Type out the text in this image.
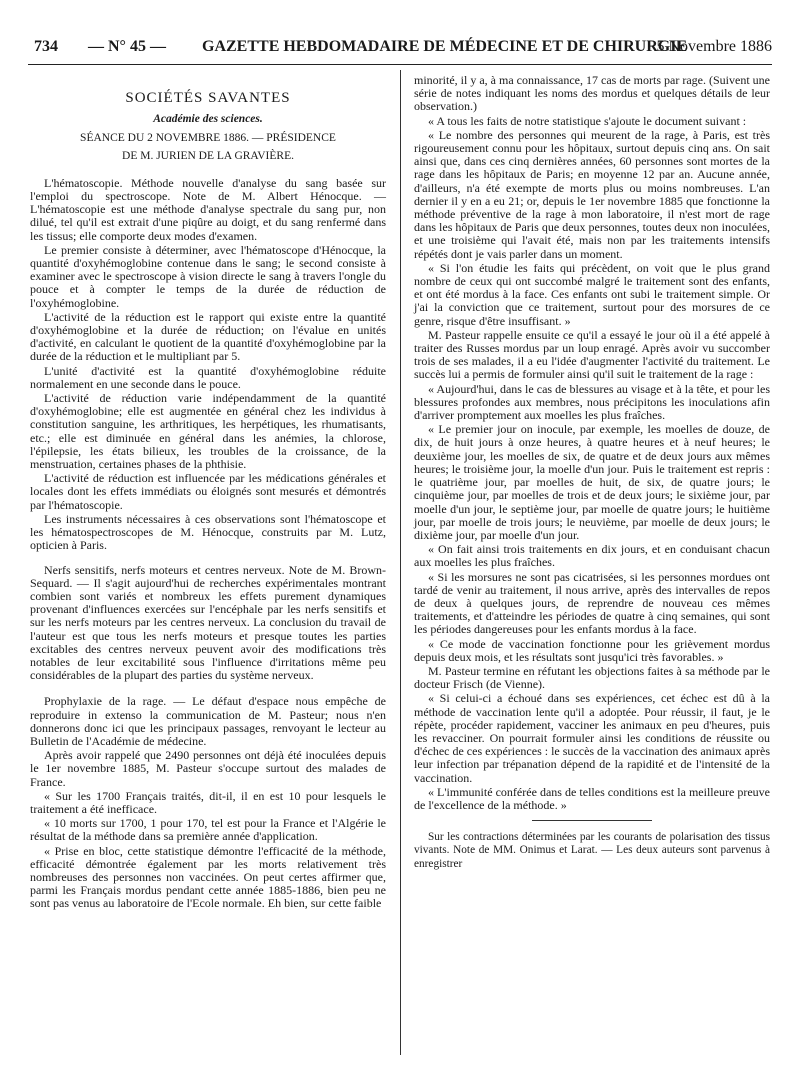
734 — N° 45 — GAZETTE HEBDOMADAIRE DE MÉDECINE ET DE CHIRURGIE
5 Novembre 1886
SOCIÉTÉS SAVANTES
Académie des sciences.
SÉANCE DU 2 NOVEMBRE 1886. — PRÉSIDENCE
DE M. JURIEN DE LA GRAVIÈRE.

L'hématoscopie. Méthode nouvelle d'analyse du sang basée sur l'emploi du spectroscope. Note de M. Albert Hénocque. — L'hématoscopie est une méthode d'analyse spectrale du sang pur, non dilué, tel qu'il est extrait d'une piqûre au doigt, et du sang renfermé dans les tissus; elle comporte deux modes d'examen.

Le premier consiste à déterminer, avec l'hématoscope d'Hénocque, la quantité d'oxyhémoglobine contenue dans le sang; le second consiste à examiner avec le spectroscope à vision directe le sang à travers l'ongle du pouce et à compter le temps de la durée de réduction de l'oxyhémoglobine.

L'activité de la réduction est le rapport qui existe entre la quantité d'oxyhémoglobine et la durée de réduction; on l'évalue en unités d'activité, en calculant le quotient de la quantité d'oxyhémoglobine par la durée de la réduction et le multipliant par 5.

L'unité d'activité est la quantité d'oxyhémoglobine réduite normalement en une seconde dans le pouce.

L'activité de réduction varie indépendamment de la quantité d'oxyhémoglobine; elle est augmentée en général chez les individus à constitution sanguine, les arthritiques, les herpétiques, les rhumatisants, etc.; elle est diminuée en général dans les anémies, la chlorose, l'épilepsie, les états bilieux, les troubles de la croissance, de la menstruation, certaines phases de la phthisie.

L'activité de réduction est influencée par les médications générales et locales dont les effets immédiats ou éloignés sont mesurés et démontrés par l'hématoscopie.

Les instruments nécessaires à ces observations sont l'hématoscope et les hématospectroscopes de M. Hénocque, construits par M. Lutz, opticien à Paris.

Nerfs sensitifs, nerfs moteurs et centres nerveux. Note de M. Brown-Sequard. — Il s'agit aujourd'hui de recherches expérimentales montrant combien sont variés et nombreux les effets purement dynamiques provenant d'influences exercées sur l'encéphale par les nerfs sensitifs et sur les nerfs moteurs par les centres nerveux. La conclusion du travail de l'auteur est que tous les nerfs moteurs et presque toutes les parties excitables des centres nerveux peuvent avoir des modifications très notables de leur excitabilité sous l'influence d'irritations même peu considérables de la plupart des parties du système nerveux.

Prophylaxie de la rage. — Le défaut d'espace nous empêche de reproduire in extenso la communication de M. Pasteur; nous n'en donnerons donc ici que les principaux passages, renvoyant le lecteur au Bulletin de l'Académie de médecine.

Après avoir rappelé que 2490 personnes ont déjà été inoculées depuis le 1er novembre 1885, M. Pasteur s'occupe surtout des malades de France.

« Sur les 1700 Français traités, dit-il, il en est 10 pour lesquels le traitement a été inefficace.

« 10 morts sur 1700, 1 pour 170, tel est pour la France et l'Algérie le résultat de la méthode dans sa première année d'application.

« Prise en bloc, cette statistique démontre l'efficacité de la méthode, efficacité démontrée également par les morts relativement très nombreuses des personnes non vaccinées. On peut certes affirmer que, parmi les Français mordus pendant cette année 1885-1886, bien peu ne sont pas venus au laboratoire de l'Ecole normale. Eh bien, sur cette faible

minorité, il y a, à ma connaissance, 17 cas de morts par rage. (Suivent une série de notes indiquant les noms des mordus et quelques détails de leur observation.)

« A tous les faits de notre statistique s'ajoute le document suivant :

« Le nombre des personnes qui meurent de la rage, à Paris, est très rigoureusement connu pour les hôpitaux, surtout depuis cinq ans. On sait ainsi que, dans ces cinq dernières années, 60 personnes sont mortes de la rage dans les hôpitaux de Paris; en moyenne 12 par an. Aucune année, d'ailleurs, n'a été exempte de morts plus ou moins nombreuses. L'an dernier il y en a eu 21; or, depuis le 1er novembre 1885 que fonctionne la méthode préventive de la rage à mon laboratoire, il n'est mort de rage dans les hôpitaux de Paris que deux personnes, toutes deux non inoculées, et une troisième qui l'avait été, mais non par les traitements intensifs répétés dont je vais parler dans un moment.

« Si l'on étudie les faits qui précèdent, on voit que le plus grand nombre de ceux qui ont succombé malgré le traitement sont des enfants, et ont été mordus à la face. Ces enfants ont subi le traitement simple. Or j'ai la conviction que ce traitement, surtout pour des morsures de ce genre, risque d'être insuffisant. »

M. Pasteur rappelle ensuite ce qu'il a essayé le jour où il a été appelé à traiter des Russes mordus par un loup enragé. Après avoir vu succomber trois de ses malades, il a eu l'idée d'augmenter l'activité du traitement. Le succès lui a permis de formuler ainsi qu'il suit le traitement de la rage :

« Aujourd'hui, dans le cas de blessures au visage et à la tête, et pour les blessures profondes aux membres, nous précipitons les inoculations afin d'arriver promptement aux moelles les plus fraîches.

« Le premier jour on inocule, par exemple, les moelles de douze, de dix, de huit jours à onze heures, à quatre heures et à neuf heures; le deuxième jour, les moelles de six, de quatre et de deux jours aux mêmes heures; le troisième jour, la moelle d'un jour. Puis le traitement est repris : le quatrième jour, par moelles de huit, de six, de quatre jours; le cinquième jour, par moelles de trois et de deux jours; le sixième jour, par moelle d'un jour, le septième jour, par moelle de quatre jours; le huitième jour, par moelle de trois jours; le neuvième, par moelle de deux jours; le dixième jour, par moelle d'un jour.

« On fait ainsi trois traitements en dix jours, et en conduisant chacun aux moelles les plus fraîches.

« Si les morsures ne sont pas cicatrisées, si les personnes mordues ont tardé de venir au traitement, il nous arrive, après des intervalles de repos de deux à quelques jours, de reprendre de nouveau ces mêmes traitements, et d'atteindre les périodes de quatre à cinq semaines, qui sont les périodes dangereuses pour les enfants mordus à la face.

« Ce mode de vaccination fonctionne pour les grièvement mordus depuis deux mois, et les résultats sont jusqu'ici très favorables. »

M. Pasteur termine en réfutant les objections faites à sa méthode par le docteur Frisch (de Vienne).

« Si celui-ci a échoué dans ses expériences, cet échec est dû à la méthode de vaccination lente qu'il a adoptée. Pour réussir, il faut, je le répète, procéder rapidement, vacciner les animaux en peu d'heures, puis les revacciner. On pourrait formuler ainsi les conditions de réussite ou d'échec de ces expériences : le succès de la vaccination des animaux après leur infection par trépanation dépend de la rapidité et de l'intensité de la vaccination.

« L'immunité conférée dans de telles conditions est la meilleure preuve de l'excellence de la méthode. »

Sur les contractions déterminées par les courants de polarisation des tissus vivants. Note de MM. Onimus et Larat. — Les deux auteurs sont parvenus à enregistrer
